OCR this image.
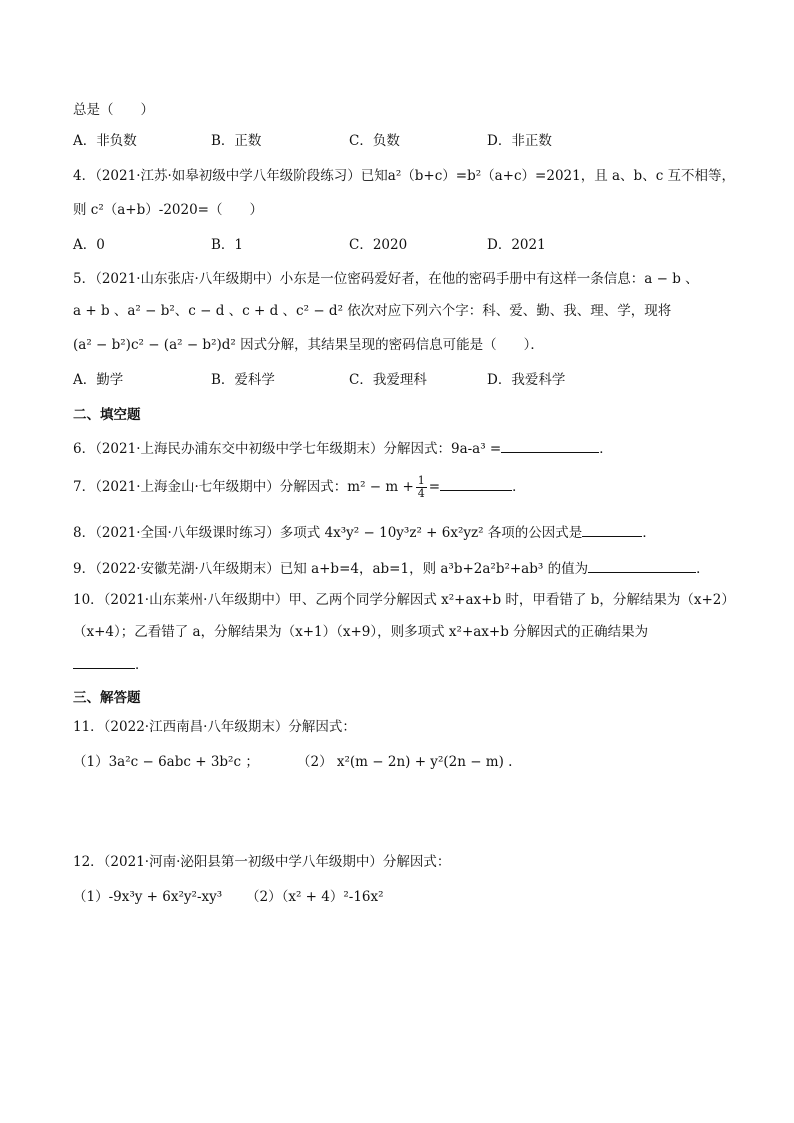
总是（　　）
A．非负数	B．正数	C．负数	D．非正数
4．（2021·江苏·如皋初级中学八年级阶段练习）已知a²（b+c）=b²（a+c）=2021，且 a、b、c 互不相等，
则 c²（a+b）-2020=（　　）
A．0	B．1	C．2020	D．2021
5．（2021·山东张店·八年级期中）小东是一位密码爱好者，在他的密码手册中有这样一条信息：a − b 、
a + b 、a² − b²、c − d 、c + d 、c² − d² 依次对应下列六个字：科、爱、勤、我、理、学，现将
(a² − b²)c² − (a² − b²)d² 因式分解，其结果呈现的密码信息可能是（　　）．
A．勤学	B．爱科学	C．我爱理科	D．我爱科学
二、填空题
6．（2021·上海民办浦东交中初级中学七年级期末）分解因式：9a-a³ =	．
7．（2021·上海金山·七年级期中）分解因式：$m^2 - m + \frac{1}{4}$ =	．
8．（2021·全国·八年级课时练习）多项式 4x³y² − 10y³z² + 6x²yz² 各项的公因式是	．
9．（2022·安徽芜湖·八年级期末）已知 a+b=4，ab=1，则 a³b+2a²b²+ab³ 的值为	．
10．（2021·山东莱州·八年级期中）甲、乙两个同学分解因式 x²+ax+b 时，甲看错了 b，分解结果为（x+2）
（x+4）；乙看错了 a，分解结果为（x+1）（x+9），则多项式 x²+ax+b 分解因式的正确结果为
．
三、解答题
11．（2022·江西南昌·八年级期末）分解因式：
（1）3a²c − 6abc + 3b²c ；	（2） x²(m − 2n) + y²(2n − m) .
12．（2021·河南·泌阳县第一初级中学八年级期中）分解因式：
（1）-9x³y + 6x²y²-xy³ （2）（x² + 4）²-16x²
